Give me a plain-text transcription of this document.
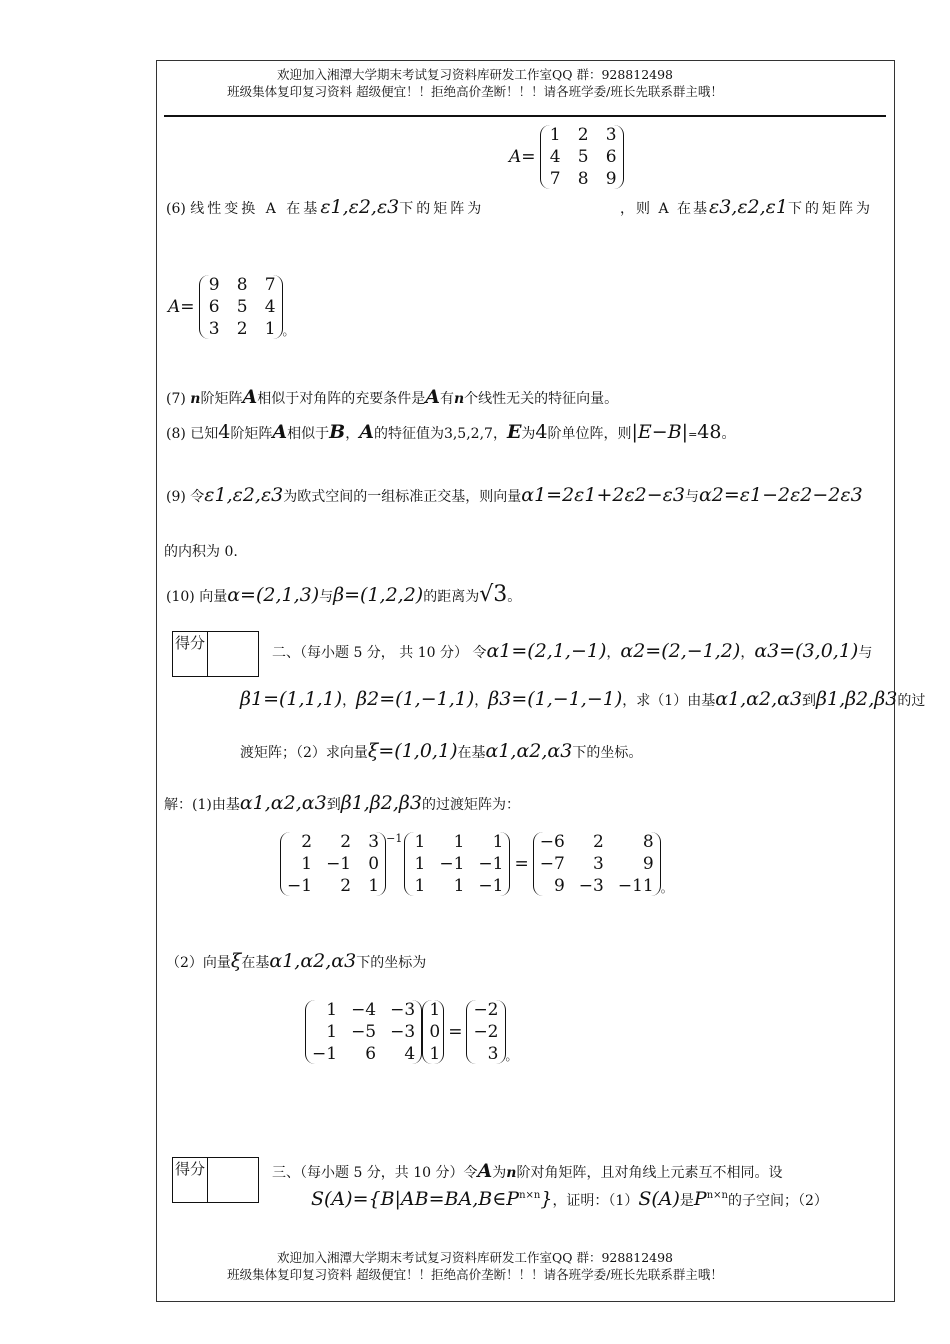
欢迎加入湘潭大学期末考试复习资料库研发工作室QQ 群：928812498
班级集体复印复习资料 超级便宜！！拒绝高价垄断！！！请各班学委/班长先联系群主哦！
A=
1 2 3
4 5 6
7 8 9
(6) 线性变换 A 在基ε1,ε2,ε3下的矩阵为	，则 A 在基ε3,ε2,ε1下的矩阵为
A=
9 8 7
6 5 4
3 2 1 。
(7) n阶矩阵A相似于对角阵的充要条件是A有n个线性无关的特征向量。
(8) 已知4阶矩阵A相似于B，A的特征值为3,5,2,7，E为4阶单位阵，则|E−B|=48。
(9) 令ε1,ε2,ε3为欧式空间的一组标准正交基，则向量α1=2ε1+2ε2−ε3与α2=ε1−2ε2−2ε3
的内积为 0.
(10) 向量α=(2,1,3)与β=(1,2,2)的距离为√3。
得分
二、（每小题 5 分， 共 10 分） 令α1=(2,1,−1)，α2=(2,−1,2)，α3=(3,0,1)与
β1=(1,1,1)，β2=(1,−1,1)，β3=(1,−1,−1)，求（1）由基α1,α2,α3到β1,β2,β3的过
渡矩阵；（2）求向量ξ=(1,0,1)在基α1,α2,α3下的坐标。
解：(1)由基α1,α2,α3到β1,β2,β3的过渡矩阵为：
2	2 3
1 −1 0
−1	2 1
−1 1	1	1
1 −1 −1
1	1 −1
=
−6	2	8
−7	3	9
9 −3 −11 。
（2）向量ξ在基α1,α2,α3下的坐标为
1 −4 −3
1 −5 −3
−1	6	4
1
0
1
=
−2
−2
3 。
得分	三、（每小题 5 分，共 10 分）令A为n阶对角矩阵，且对角线上元素互不相同。设
$S(A)=\{B|AB=BA,B\in P^{n\times n}\}$，证明：（1）S(A)是$P^{n\times n}$的子空间；（2）
欢迎加入湘潭大学期末考试复习资料库研发工作室QQ 群：928812498
班级集体复印复习资料 超级便宜！！拒绝高价垄断！！！请各班学委/班长先联系群主哦！
